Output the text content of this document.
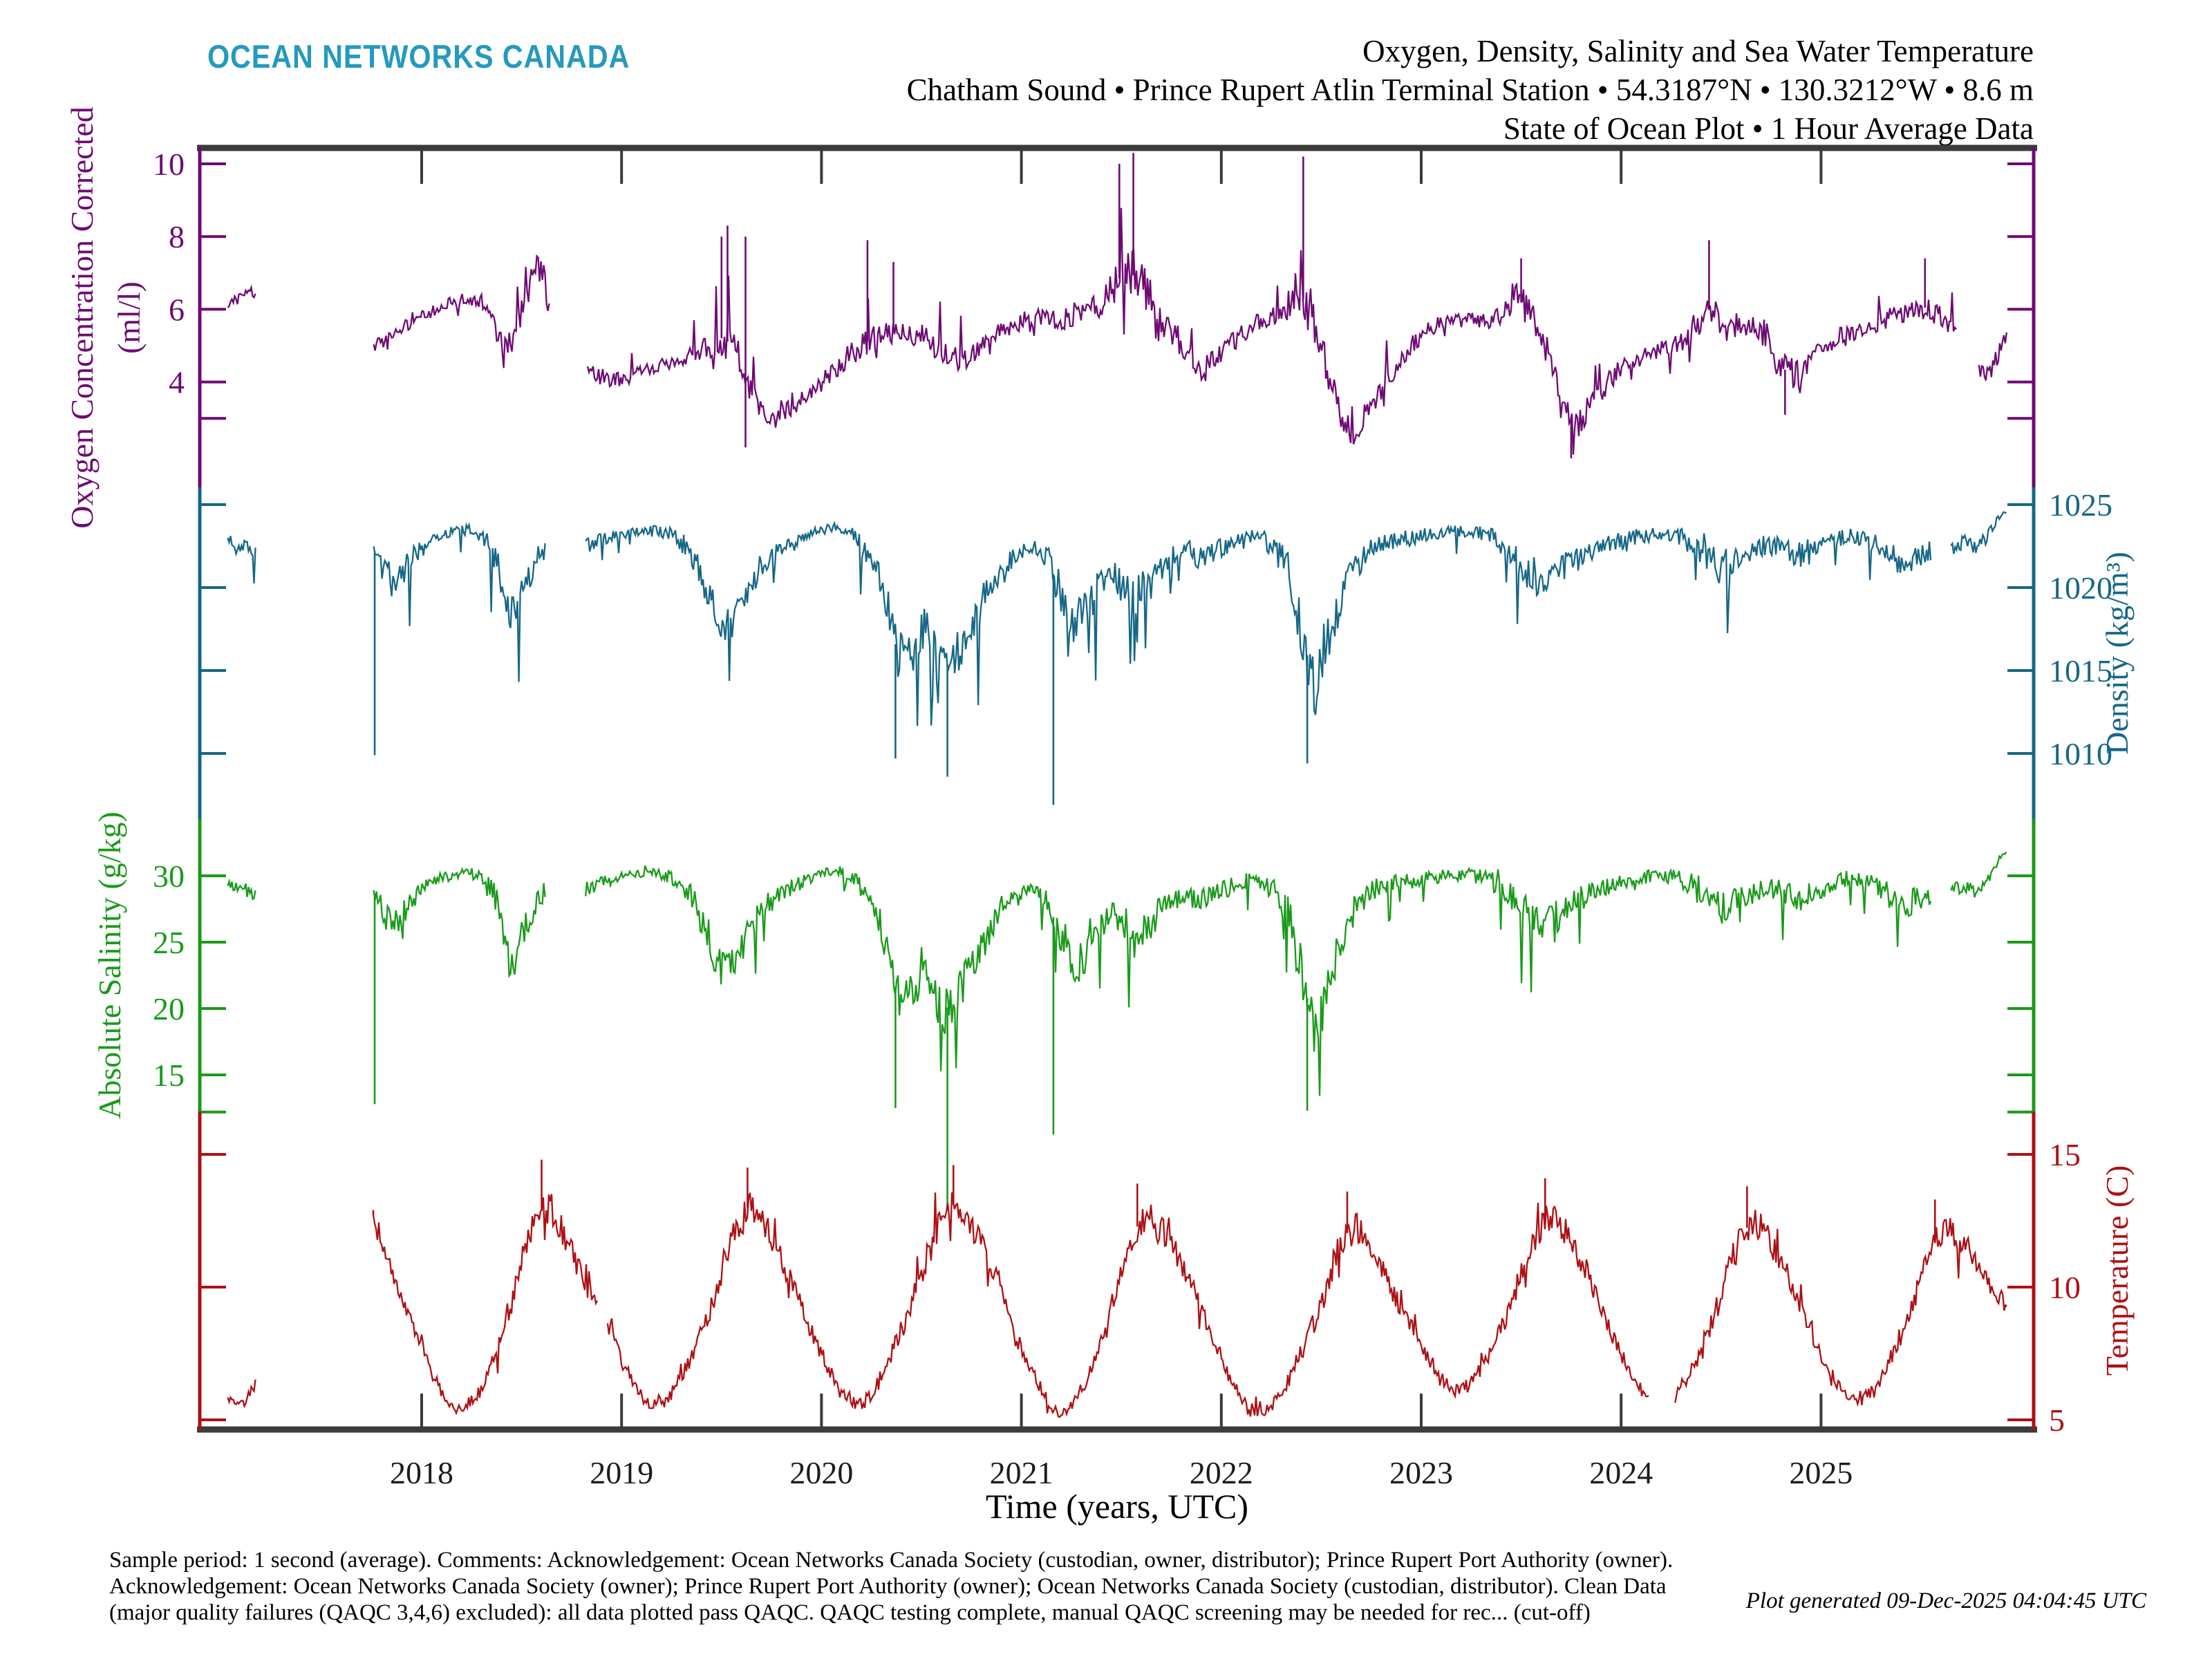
OCEAN NETWORKS CANADA	Oxygen, Density, Salinity and Sea Water Temperature
Chatham Sound • Prince Rupert Atlin Terminal Station • 54.3187°N • 130.3212°W • 8.6 m
State of Ocean Plot • 1 Hour Average Data
2018	2019	2020	2021	2022	2023	2024	2025
10
8
6
4
Oxygen Concentration Corrected (ml/l)
1025
1020
1015
1010
Density (kg/m³)
30
25
20
15
Absolute Salinity (g/kg)
15
10
5
Temperature (C)
Time (years, UTC)
Sample period: 1 second (average). Comments: Acknowledgement: Ocean Networks Canada Society (custodian, owner, distributor); Prince Rupert Port Authority (owner).
Acknowledgement: Ocean Networks Canada Society (owner); Prince Rupert Port Authority (owner); Ocean Networks Canada Society (custodian, distributor). Clean Data
(major quality failures (QAQC 3,4,6) excluded): all data plotted pass QAQC. QAQC testing complete, manual QAQC screening may be needed for rec... (cut-off)	Plot generated 09-Dec-2025 04:04:45 UTC
